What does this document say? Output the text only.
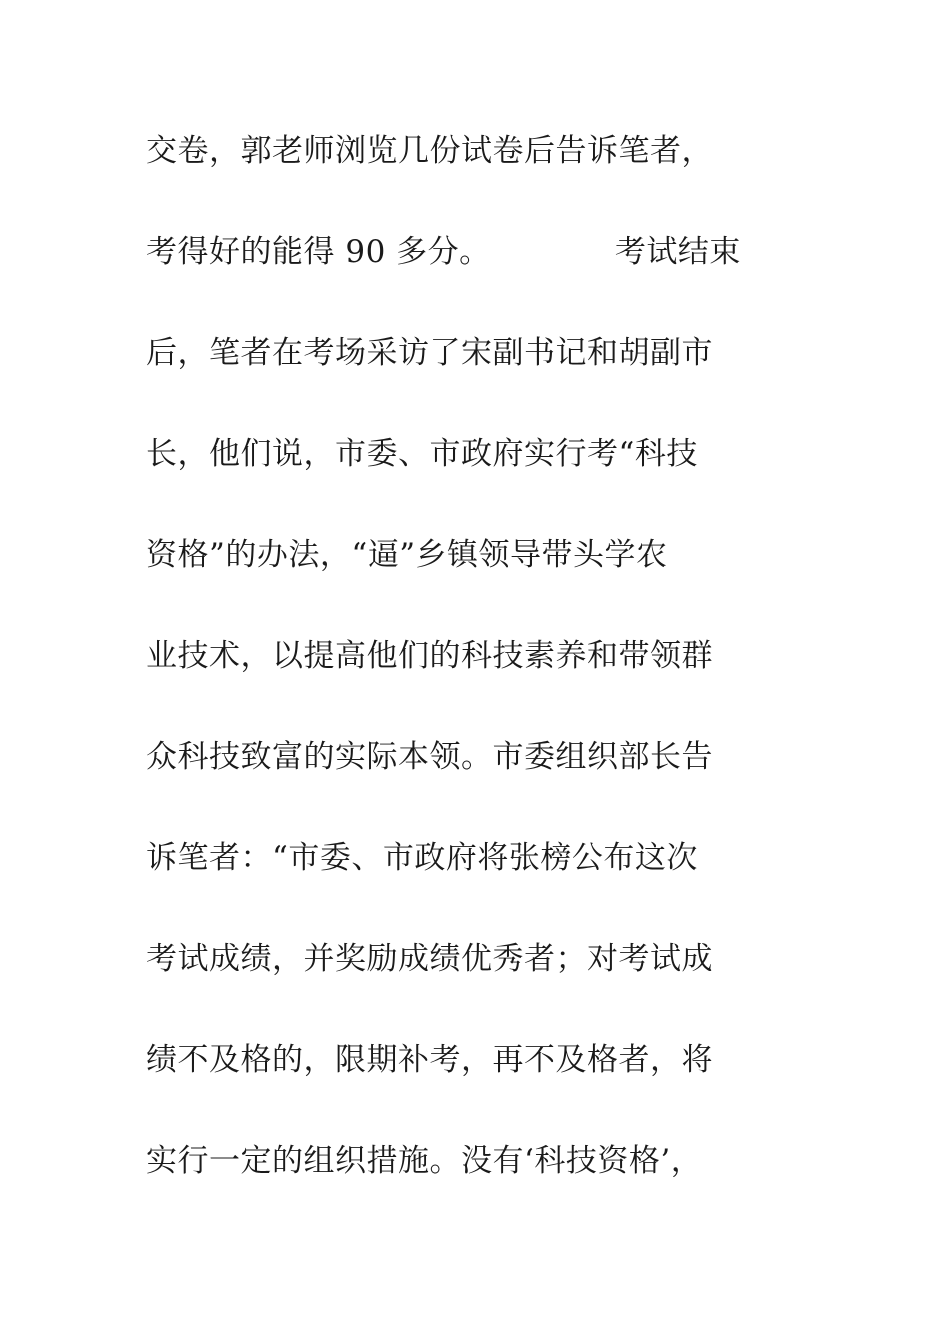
交卷，郭老师浏览几份试卷后告诉笔者，
考得好的能得 90 多分。            考试结束
后，笔者在考场采访了宋副书记和胡副市
长，他们说，市委、市政府实行考“科技
资格”的办法，“逼”乡镇领导带头学农
业技术，以提高他们的科技素养和带领群
众科技致富的实际本领。市委组织部长告
诉笔者：“市委、市政府将张榜公布这次
考试成绩，并奖励成绩优秀者；对考试成
绩不及格的，限期补考，再不及格者，将
实行一定的组织措施。没有‘科技资格’，
